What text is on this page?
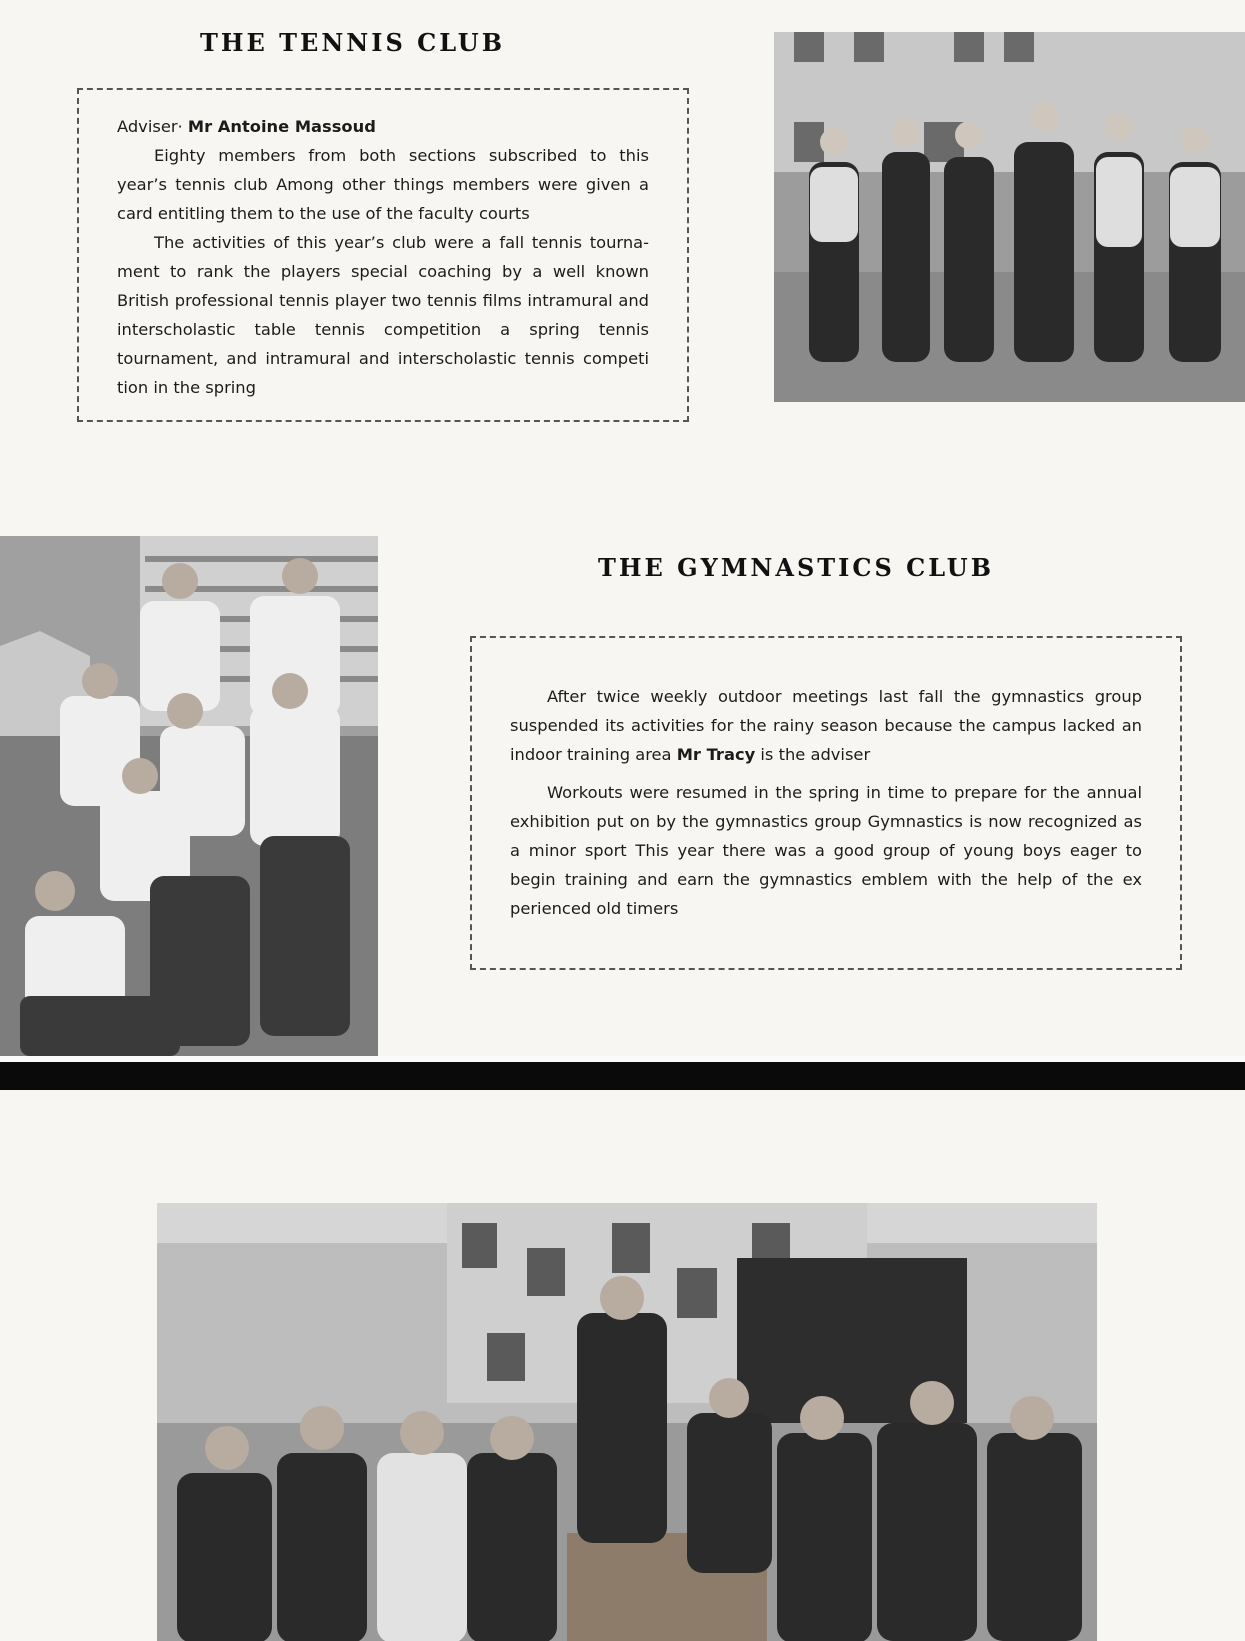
THE TENNIS CLUB

Adviser· Mr Antoine Massoud

Eighty members from both sections subscribed to this year’s tennis club Among other things members were given a card entitling them to the use of the faculty courts

The activities of this year’s club were a fall tennis tourna- ment to rank the players special coaching by a well known British professional tennis player two tennis films intramural and interscholastic table tennis competition a spring tennis tournament, and intramural and interscholastic tennis competi tion in the spring

THE GYMNASTICS CLUB

After twice weekly outdoor meetings last fall the gymnastics group suspended its activities for the rainy season because the campus lacked an indoor training area Mr Tracy is the adviser

Workouts were resumed in the spring in time to prepare for the annual exhibition put on by the gymnastics group Gymnastics is now recognized as a minor sport This year there was a good group of young boys eager to begin training and earn the gymnastics emblem with the help of the ex perienced old timers
